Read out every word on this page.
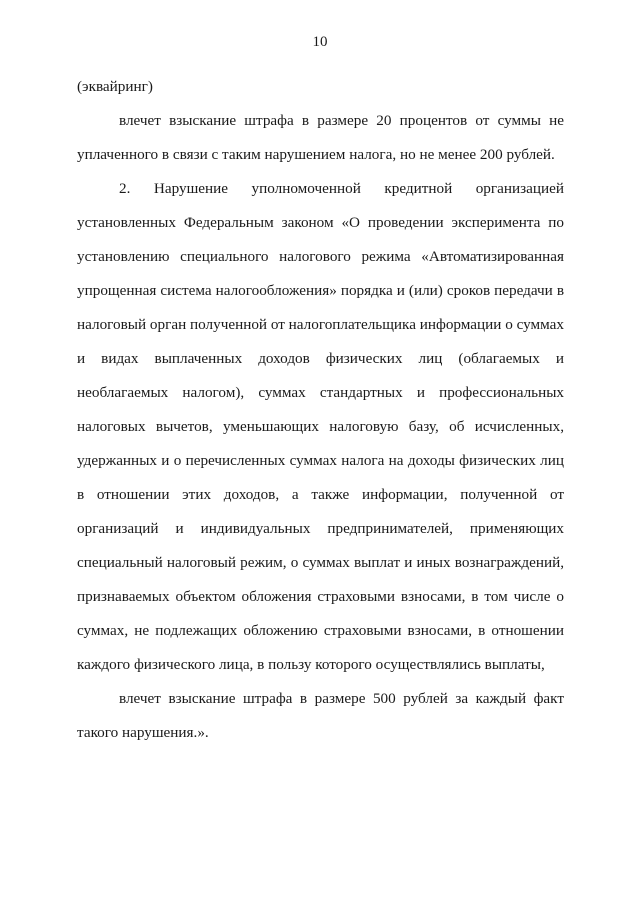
10

(эквайринг)

влечет взыскание штрафа в размере 20 процентов от суммы не уплаченного в связи с таким нарушением налога, но не менее 200 рублей.

2. Нарушение уполномоченной кредитной организацией установленных Федеральным законом «О проведении эксперимента по установлению специального налогового режима «Автоматизированная упрощенная система налогообложения» порядка и (или) сроков передачи в налоговый орган полученной от налогоплательщика информации о суммах и видах выплаченных доходов физических лиц (облагаемых и необлагаемых налогом), суммах стандартных и профессиональных налоговых вычетов, уменьшающих налоговую базу, об исчисленных, удержанных и о перечисленных суммах налога на доходы физических лиц в отношении этих доходов, а также информации, полученной от организаций и индивидуальных предпринимателей, применяющих специальный налоговый режим, о суммах выплат и иных вознаграждений, признаваемых объектом обложения страховыми взносами, в том числе о суммах, не подлежащих обложению страховыми взносами, в отношении каждого физического лица, в пользу которого осуществлялись выплаты,

влечет взыскание штрафа в размере 500 рублей за каждый факт такого нарушения.».
